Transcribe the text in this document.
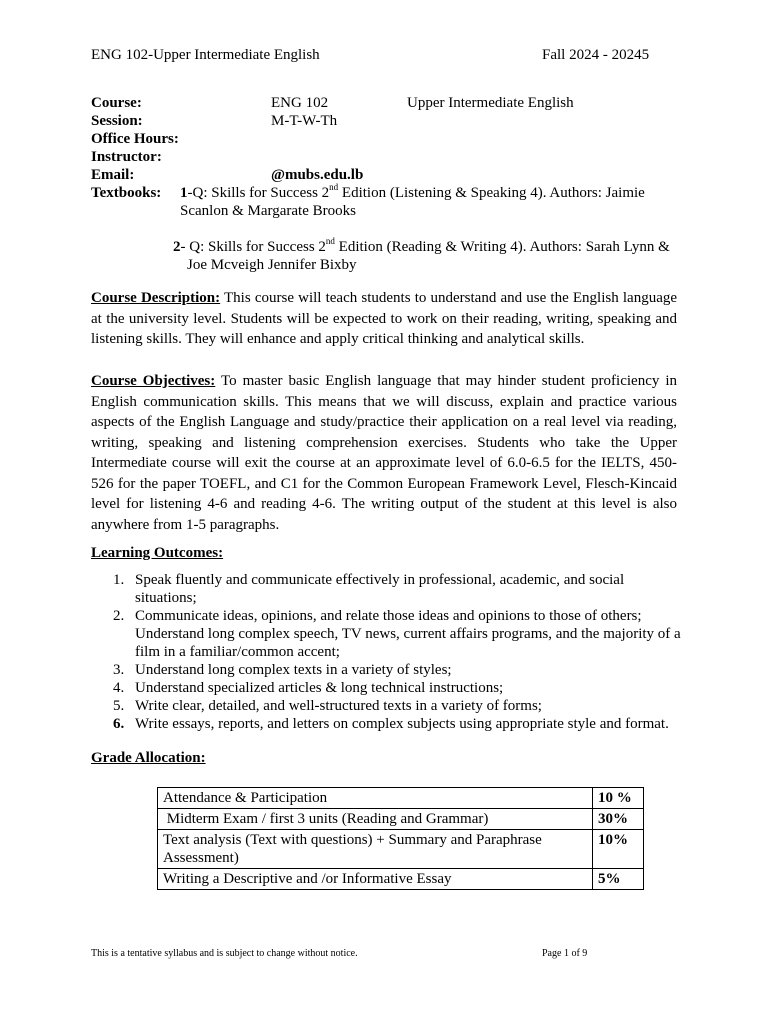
ENG 102-Upper Intermediate English	Fall 2024 - 20245
Course:	ENG 102	Upper Intermediate English
Session:	M-T-W-Th
Office Hours:
Instructor:
Email:	@mubs.edu.lb
Textbooks: 1-Q: Skills for Success 2nd Edition (Listening & Speaking 4). Authors: Jaimie
Scanlon & Margarate Brooks
2- Q: Skills for Success 2nd Edition (Reading & Writing 4). Authors: Sarah Lynn &
Joe Mcveigh Jennifer Bixby
Course Description: This course will teach students to understand and use the English language at the university level. Students will be expected to work on their reading, writing, speaking and listening skills. They will enhance and apply critical thinking and analytical skills.
Course Objectives: To master basic English language that may hinder student proficiency in English communication skills. This means that we will discuss, explain and practice various aspects of the English Language and study/practice their application on a real level via reading, writing, speaking and listening comprehension exercises. Students who take the Upper Intermediate course will exit the course at an approximate level of 6.0-6.5 for the IELTS, 450-526 for the paper TOEFL, and C1 for the Common European Framework Level, Flesch-Kincaid level for listening 4-6 and reading 4-6. The writing output of the student at this level is also anywhere from 1-5 paragraphs.
Learning Outcomes:
1. Speak fluently and communicate effectively in professional, academic, and social situations;
2. Communicate ideas, opinions, and relate those ideas and opinions to those of others; Understand long complex speech, TV news, current affairs programs, and the majority of a film in a familiar/common accent;
3. Understand long complex texts in a variety of styles;
4. Understand specialized articles & long technical instructions;
5. Write clear, detailed, and well-structured texts in a variety of forms;
6. Write essays, reports, and letters on complex subjects using appropriate style and format.
Grade Allocation:
Attendance & Participation	10 %
Midterm Exam / first 3 units (Reading and Grammar)	30%
Text analysis (Text with questions) + Summary and Paraphrase Assessment)	10%
Writing a Descriptive and /or Informative Essay	5%
This is a tentative syllabus and is subject to change without notice.	Page 1 of 9
